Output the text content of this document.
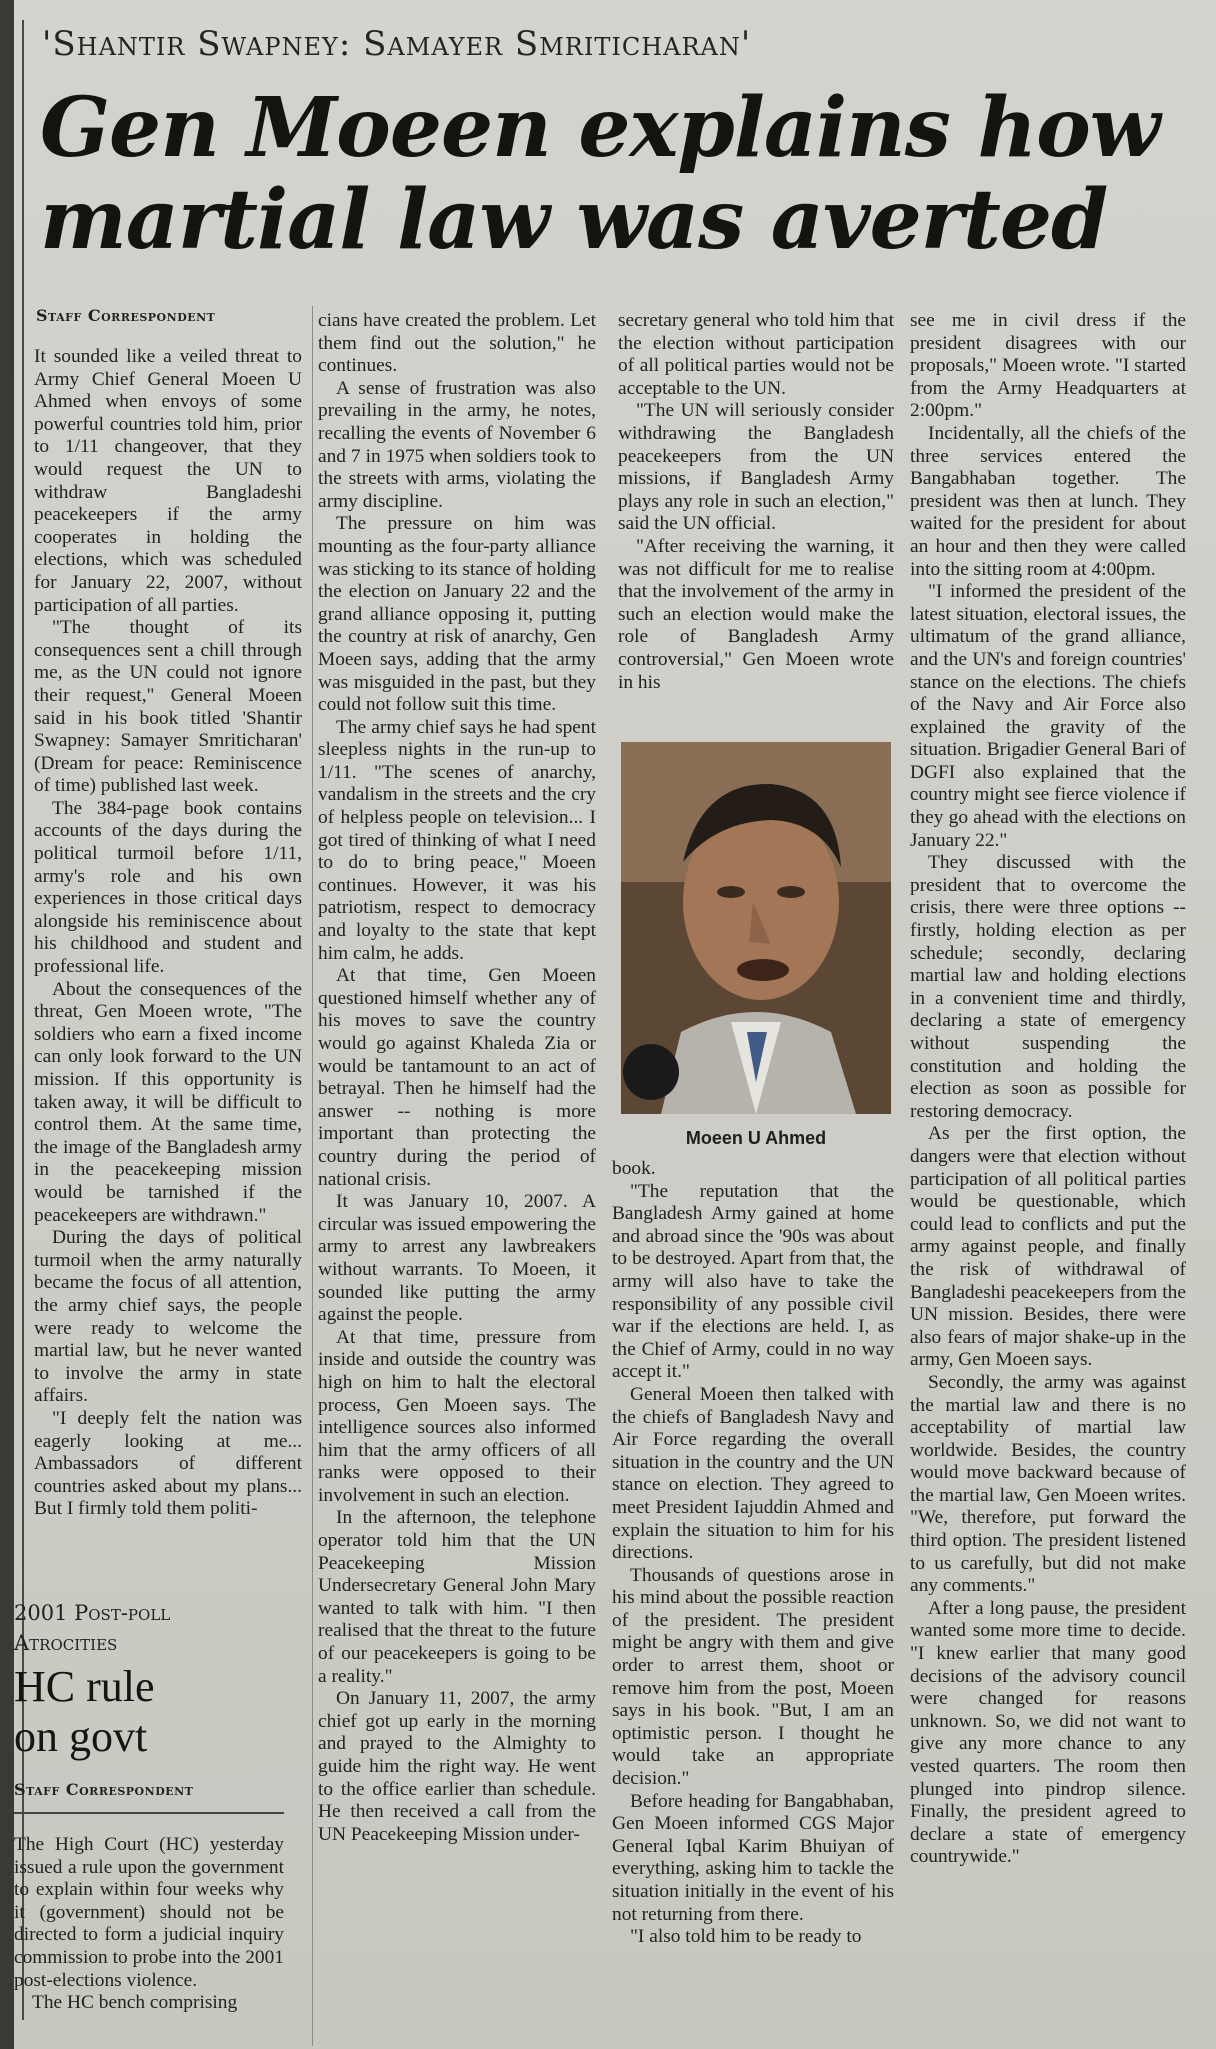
'Shantir Swapney: Samayer Smriticharan'
Gen Moeen explains how
martial law was averted
Staff Correspondent

It sounded like a veiled threat to Army Chief General Moeen U Ahmed when envoys of some powerful countries told him, prior to 1/11 changeover, that they would request the UN to withdraw Bangladeshi peacekeepers if the army cooperates in holding the elections, which was scheduled for January 22, 2007, without participation of all parties.

"The thought of its consequences sent a chill through me, as the UN could not ignore their request," General Moeen said in his book titled 'Shantir Swapney: Samayer Smriticharan' (Dream for peace: Reminiscence of time) published last week.

The 384-page book contains accounts of the days during the political turmoil before 1/11, army's role and his own experiences in those critical days alongside his reminiscence about his childhood and student and professional life.

About the consequences of the threat, Gen Moeen wrote, "The soldiers who earn a fixed income can only look forward to the UN mission. If this opportunity is taken away, it will be difficult to control them. At the same time, the image of the Bangladesh army in the peacekeeping mission would be tarnished if the peacekeepers are withdrawn."

During the days of political turmoil when the army naturally became the focus of all attention, the army chief says, the people were ready to welcome the martial law, but he never wanted to involve the army in state affairs.

"I deeply felt the nation was eagerly looking at me... Ambassadors of different countries asked about my plans... But I firmly told them politi-

cians have created the problem. Let them find out the solution," he continues.

A sense of frustration was also prevailing in the army, he notes, recalling the events of November 6 and 7 in 1975 when soldiers took to the streets with arms, violating the army discipline.

The pressure on him was mounting as the four-party alliance was sticking to its stance of holding the election on January 22 and the grand alliance opposing it, putting the country at risk of anarchy, Gen Moeen says, adding that the army was misguided in the past, but they could not follow suit this time.

The army chief says he had spent sleepless nights in the run-up to 1/11. "The scenes of anarchy, vandalism in the streets and the cry of helpless people on television... I got tired of thinking of what I need to do to bring peace," Moeen continues. However, it was his patriotism, respect to democracy and loyalty to the state that kept him calm, he adds.

At that time, Gen Moeen questioned himself whether any of his moves to save the country would go against Khaleda Zia or would be tantamount to an act of betrayal. Then he himself had the answer -- nothing is more important than protecting the country during the period of national crisis.

It was January 10, 2007. A circular was issued empowering the army to arrest any lawbreakers without warrants. To Moeen, it sounded like putting the army against the people.

At that time, pressure from inside and outside the country was high on him to halt the electoral process, Gen Moeen says. The intelligence sources also informed him that the army officers of all ranks were opposed to their involvement in such an election.

In the afternoon, the telephone operator told him that the UN Peacekeeping Mission Undersecretary General John Mary wanted to talk with him. "I then realised that the threat to the future of our peacekeepers is going to be a reality."

On January 11, 2007, the army chief got up early in the morning and prayed to the Almighty to guide him the right way. He went to the office earlier than schedule. He then received a call from the UN Peacekeeping Mission under-

secretary general who told him that the election without participation of all political parties would not be acceptable to the UN.

"The UN will seriously consider withdrawing the Bangladesh peacekeepers from the UN missions, if Bangladesh Army plays any role in such an election," said the UN official.

"After receiving the warning, it was not difficult for me to realise that the involvement of the army in such an election would make the role of Bangladesh Army controversial," Gen Moeen wrote in his

Moeen U Ahmed

book.

"The reputation that the Bangladesh Army gained at home and abroad since the '90s was about to be destroyed. Apart from that, the army will also have to take the responsibility of any possible civil war if the elections are held. I, as the Chief of Army, could in no way accept it."

General Moeen then talked with the chiefs of Bangladesh Navy and Air Force regarding the overall situation in the country and the UN stance on election. They agreed to meet President Iajuddin Ahmed and explain the situation to him for his directions.

Thousands of questions arose in his mind about the possible reaction of the president. The president might be angry with them and give order to arrest them, shoot or remove him from the post, Moeen says in his book. "But, I am an optimistic person. I thought he would take an appropriate decision."

Before heading for Bangabhaban, Gen Moeen informed CGS Major General Iqbal Karim Bhuiyan of everything, asking him to tackle the situation initially in the event of his not returning from there.

"I also told him to be ready to

see me in civil dress if the president disagrees with our proposals," Moeen wrote. "I started from the Army Headquarters at 2:00pm."

Incidentally, all the chiefs of the three services entered the Bangabhaban together. The president was then at lunch. They waited for the president for about an hour and then they were called into the sitting room at 4:00pm.

"I informed the president of the latest situation, electoral issues, the ultimatum of the grand alliance, and the UN's and foreign countries' stance on the elections. The chiefs of the Navy and Air Force also explained the gravity of the situation. Brigadier General Bari of DGFI also explained that the country might see fierce violence if they go ahead with the elections on January 22."

They discussed with the president that to overcome the crisis, there were three options -- firstly, holding election as per schedule; secondly, declaring martial law and holding elections in a convenient time and thirdly, declaring a state of emergency without suspending the constitution and holding the election as soon as possible for restoring democracy.

As per the first option, the dangers were that election without participation of all political parties would be questionable, which could lead to conflicts and put the army against people, and finally the risk of withdrawal of Bangladeshi peacekeepers from the UN mission. Besides, there were also fears of major shake-up in the army, Gen Moeen says.

Secondly, the army was against the martial law and there is no acceptability of martial law worldwide. Besides, the country would move backward because of the martial law, Gen Moeen writes. "We, therefore, put forward the third option. The president listened to us carefully, but did not make any comments."

After a long pause, the president wanted some more time to decide. "I knew earlier that many good decisions of the advisory council were changed for reasons unknown. So, we did not want to give any more chance to any vested quarters. The room then plunged into pindrop silence. Finally, the president agreed to declare a state of emergency countrywide."

2001 Post-poll
Atrocities
HC rule
on govt
Staff Correspondent

The High Court (HC) yesterday issued a rule upon the government to explain within four weeks why it (government) should not be directed to form a judicial inquiry commission to probe into the 2001 post-elections violence.

The HC bench comprising
